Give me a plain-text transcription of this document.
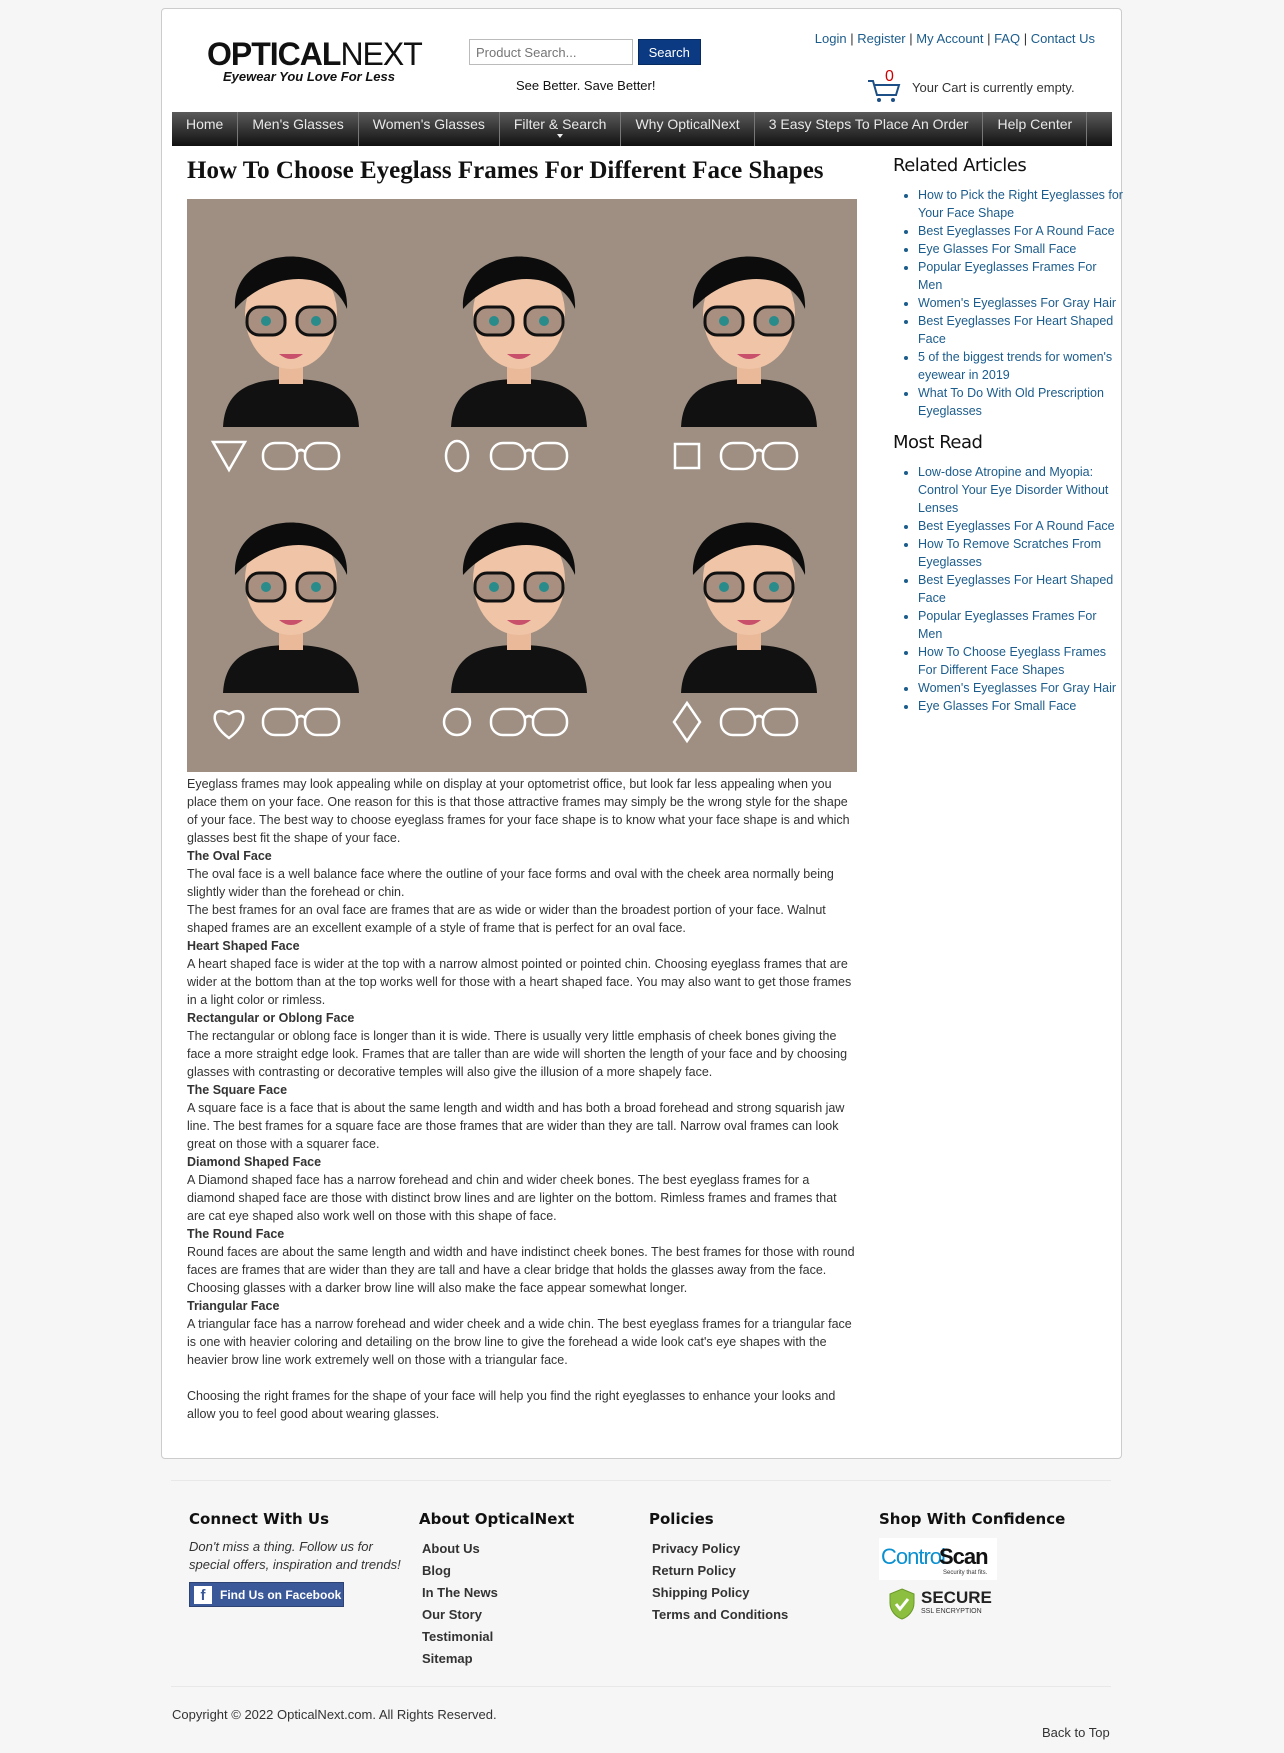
OPTICALNEXT
Eyewear You Love For Less
Product Search... Search
See Better. Save Better!
Login | Register | My Account | FAQ | Contact Us
0
Your Cart is currently empty.
Home	Men's Glasses	Women's Glasses	Filter & Search	Why OpticalNext	3 Easy Steps To Place An Order	Help Center
How To Choose Eyeglass Frames For Different Face Shapes

Eyeglass frames may look appealing while on display at your optometrist office, but look far less appealing when you place them on your face. One reason for this is that those attractive frames may simply be the wrong style for the shape of your face. The best way to choose eyeglass frames for your face shape is to know what your face shape is and which glasses best fit the shape of your face.

The Oval Face

The oval face is a well balance face where the outline of your face forms and oval with the cheek area normally being slightly wider than the forehead or chin.

The best frames for an oval face are frames that are as wide or wider than the broadest portion of your face. Walnut shaped frames are an excellent example of a style of frame that is perfect for an oval face.

Heart Shaped Face

A heart shaped face is wider at the top with a narrow almost pointed or pointed chin. Choosing eyeglass frames that are wider at the bottom than at the top works well for those with a heart shaped face. You may also want to get those frames in a light color or rimless.

Rectangular or Oblong Face

The rectangular or oblong face is longer than it is wide. There is usually very little emphasis of cheek bones giving the face a more straight edge look. Frames that are taller than are wide will shorten the length of your face and by choosing glasses with contrasting or decorative temples will also give the illusion of a more shapely face.

The Square Face

A square face is a face that is about the same length and width and has both a broad forehead and strong squarish jaw line. The best frames for a square face are those frames that are wider than they are tall. Narrow oval frames can look great on those with a squarer face.

Diamond Shaped Face

A Diamond shaped face has a narrow forehead and chin and wider cheek bones. The best eyeglass frames for a diamond shaped face are those with distinct brow lines and are lighter on the bottom. Rimless frames and frames that are cat eye shaped also work well on those with this shape of face.

The Round Face

Round faces are about the same length and width and have indistinct cheek bones. The best frames for those with round faces are frames that are wider than they are tall and have a clear bridge that holds the glasses away from the face. Choosing glasses with a darker brow line will also make the face appear somewhat longer.

Triangular Face

A triangular face has a narrow forehead and wider cheek and a wide chin. The best eyeglass frames for a triangular face is one with heavier coloring and detailing on the brow line to give the forehead a wide look cat's eye shapes with the heavier brow line work extremely well on those with a triangular face.

Choosing the right frames for the shape of your face will help you find the right eyeglasses to enhance your looks and allow you to feel good about wearing glasses.

Related Articles
• How to Pick the Right Eyeglasses for Your Face Shape
• Best Eyeglasses For A Round Face
• Eye Glasses For Small Face
• Popular Eyeglasses Frames For Men
• Women's Eyeglasses For Gray Hair
• Best Eyeglasses For Heart Shaped Face
• 5 of the biggest trends for women's eyewear in 2019
• What To Do With Old Prescription Eyeglasses
Most Read
• Low-dose Atropine and Myopia: Control Your Eye Disorder Without Lenses
• Best Eyeglasses For A Round Face
• How To Remove Scratches From Eyeglasses
• Best Eyeglasses For Heart Shaped Face
• Popular Eyeglasses Frames For Men
• How To Choose Eyeglass Frames For Different Face Shapes
• Women's Eyeglasses For Gray Hair
• Eye Glasses For Small Face
Connect With Us
Don't miss a thing. Follow us for special offers, inspiration and trends!
f	Find Us on Facebook
About OpticalNext
About Us
Blog
In The News
Our Story
Testimonial
Sitemap
Policies
Privacy Policy
Return Policy
Shipping Policy
Terms and Conditions
Shop With Confidence
Control
Scan
Security that fits.
SECURE
SSL ENCRYPTION
Copyright © 2022 OpticalNext.com. All Rights Reserved.
Back to Top
